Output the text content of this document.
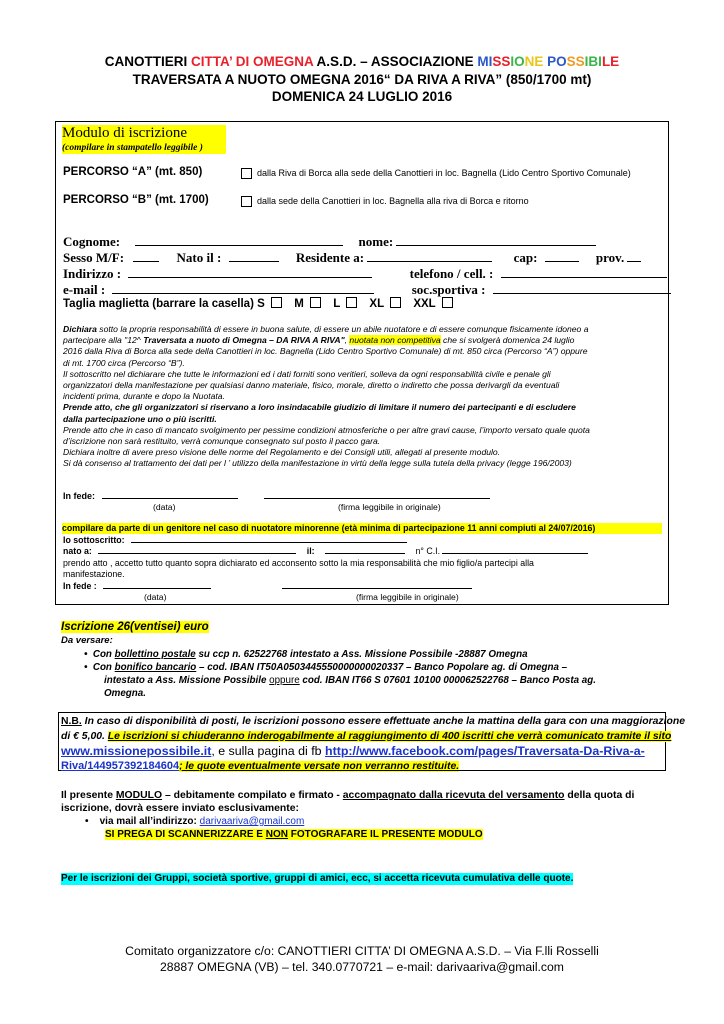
CANOTTIERI CITTA’ DI OMEGNA A.S.D. – ASSOCIAZIONE MISSIONE POSSIBILE
TRAVERSATA A NUOTO OMEGNA 2016“ DA RIVA A RIVA” (850/1700 mt)
DOMENICA 24 LUGLIO 2016
Modulo di iscrizione
(compilare in stampatello leggibile )
PERCORSO “A” (mt. 850)	dalla Riva di Borca alla sede della Canottieri in loc. Bagnella (Lido Centro Sportivo Comunale)
PERCORSO “B” (mt. 1700)	dalla sede della Canottieri in loc. Bagnella alla riva di Borca e ritorno
Cognome:	nome:
Sesso M/F:	Nato il :	Residente a:	cap:	prov.
Indirizzo :	telefono / cell. :
e-mail :	soc.sportiva :
Taglia maglietta (barrare la casella) S	M	L	XL	XXL
Dichiara sotto la propria responsabilità di essere in buona salute, di essere un abile nuotatore e di essere comunque fisicamente idoneo a
partecipare alla "12^ Traversata a nuoto di Omegna – DA RIVA A RIVA", nuotata non competitiva che si svolgerà domenica 24 luglio
2016 dalla Riva di Borca alla sede della Canottieri in loc. Bagnella (Lido Centro Sportivo Comunale) di mt. 850 circa (Percorso “A”) oppure
di mt. 1700 circa (Percorso “B”).
Il sottoscritto nel dichiarare che tutte le informazioni ed i dati forniti sono veritieri, solleva da ogni responsabilità civile e penale gli
organizzatori della manifestazione per qualsiasi danno materiale, fisico, morale, diretto o indiretto che possa derivargli da eventuali
incidenti prima, durante e dopo la Nuotata.
Prende atto, che gli organizzatori si riservano a loro insindacabile giudizio di limitare il numero dei partecipanti e di escludere
dalla partecipazione uno o più iscritti.
Prende atto che in caso di mancato svolgimento per pessime condizioni atmosferiche o per altre gravi cause, l’importo versato quale quota
d’iscrizione non sarà restituito, verrà comunque consegnato sul posto il pacco gara.
Dichiara inoltre di avere preso visione delle norme del Regolamento e dei Consigli utili, allegati al presente modulo.
Si dà consenso al trattamento dei dati per l ’ utilizzo della manifestazione in virtù della legge sulla tutela della privacy (legge 196/2003)
In fede:
(data)	(firma leggibile in originale)
compilare da parte di un genitore nel caso di nuotatore minorenne (età minima di partecipazione 11 anni compiuti al 24/07/2016)
Io sottoscritto:
nato a:	il:	n° C.I.
prendo atto , accetto tutto quanto sopra dichiarato ed acconsento sotto la mia responsabilità che mio figlio/a partecipi alla
manifestazione.
In fede :
(data)	(firma leggibile in originale)
Iscrizione 26(ventisei) euro
Da versare:
•  Con bollettino postale su ccp n. 62522768 intestato a Ass. Missione Possibile -28887 Omegna
•  Con bonifico bancario – cod. IBAN IT50A0503445550000000020337 – Banco Popolare ag. di Omegna –
intestato a Ass. Missione Possibile oppure cod. IBAN IT66 S 07601 10100 000062522768 – Banco Posta ag.
Omegna.
N.B. In caso di disponibilità di posti, le iscrizioni possono essere effettuate anche la mattina della gara con una maggiorazione
di € 5,00. Le iscrizioni si chiuderanno inderogabilmente al raggiungimento di 400 iscritti che verrà comunicato tramite il sito
www.missionepossibile.it, e sulla pagina di fb http://www.facebook.com/pages/Traversata-Da-Riva-a-
Riva/144957392184604; le quote eventualmente versate non verranno restituite.
Il presente MODULO – debitamente compilato e firmato - accompagnato dalla ricevuta del versamento della quota di
iscrizione, dovrà essere inviato esclusivamente:
•    via mail all’indirizzo: darivaariva@gmail.com
SI PREGA DI SCANNERIZZARE E NON FOTOGRAFARE IL PRESENTE MODULO
Per le iscrizioni dei Gruppi, società sportive, gruppi di amici, ecc, si accetta ricevuta cumulativa delle quote.
Comitato organizzatore c/o: CANOTTIERI CITTA’ DI OMEGNA A.S.D. – Via F.lli Rosselli
28887 OMEGNA (VB) – tel. 340.0770721 – e-mail: darivaariva@gmail.com
